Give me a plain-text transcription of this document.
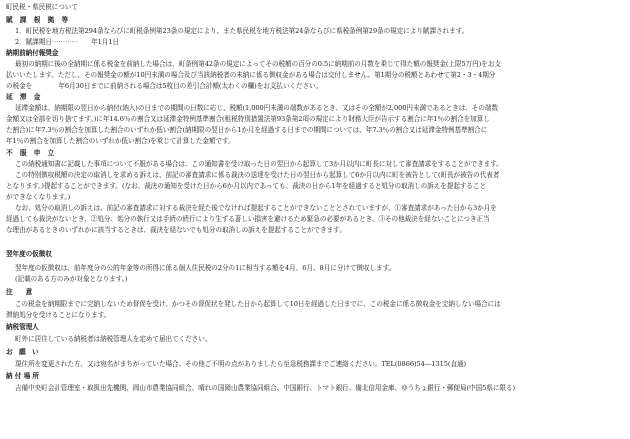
町民税・県民税について
賦 課 根 拠 等
1．町民税を地方税法第294条ならびに町税条例第23条の規定により、また県民税を地方税法第24条ならびに県税条例第29条の規定により賦課されます。
2．賦課期日⋯⋯⋯⋯　　年1月1日
納期前納付報奨金
最初の納期に後の全納期に係る税金を前納した場合は、町条例第42条の規定によってその税額の百分の0.5に納期前の月数を乗じて得た額の報奨金(上限5万円)をお支
払いいたします。ただし、その報奨金の額が10円未満の場合及び当該納税者の未納に係る徴収金がある場合は交付しません。第1期分の税額とあわせて第2・3・4期分
の税金を　　　　年6月30日までに前納される場合は5枚目の差引合計額(太わくの欄)をお支払いください。
延 滞 金
延滞金額は、納期限の翌日から納付(納入)の日までの期間の日数に応じ、税額(1,000円未満の端数があるとき、又はその全額が2,000円未満であるときは、その端数
金額又は全部を切り捨てます。)に年14.6％の割合又は延滞金特例基準割合(租税特別措置法第93条第2項の規定により財務大臣が告示する割合に年1％の割合を加算し
た割合)に年7.3％の割合を加算した割合のいずれか低い割合(納期限の翌日から1か月を経過する日までの期間については、年7.3％の割合又は延滞金特例基準割合に
年1％の割合を加算した割合のいずれか低い割合)を乗じて計算した金額です。
不 服 申 立
この納税通知書に記載した事項について不服がある場合は、この通知書を受け取った日の翌日から起算して3か月以内に町長に対して審査請求をすることができます。
この特別徴収税額の決定の取消しを求める訴えは、前記の審査請求に係る裁決の送達を受けた日の翌日から起算して6か月以内に町を被告として(町長が被告の代表者
となります。)提起することができます。(なお、裁決の通知を受けた日から6か月以内であっても、裁決の日から1年を経過すると処分の取消しの訴えを提起すること
ができなくなります。)
なお、処分の取消しの訴えは、前記の審査請求に対する裁決を経た後でなければ提起することができないこととされていますが、①審査請求があった日から3か月を
経過しても裁決がないとき、②処分、処分の執行又は手続の続行により生ずる著しい損害を避けるため緊急の必要があるとき、③その他裁決を経ないことにつき正当
な理由があるときのいずれかに該当するときは、裁決を経ないでも処分の取消しの訴えを提起することができます。
翌年度の仮徴収
翌年度の仮徴収は、前年度分の公的年金等の所得に係る個人住民税の2分の1に相当する額を4月、6月、8月に分けて徴収します。
(記載のある方のみが対象となります。)
注　　意
この税金を納期限までに完納しないため督促を受け、かつその督促状を発した日から起算して10日を経過した日までに、この税金に係る徴収金を完納しない場合には
滞納処分を受けることになります。
納税管理人
町外に居住している納税者は納税管理人を定めて届出てください。
お　願　い
現住所を変更された方、又は宛名がまちがっていた場合、その他ご不明の点がありましたら至急税務課までご連絡ください。TEL(0866)54―1315(直通)
納 付 場 所
吉備中央町会計管理室・取扱出先機関、岡山市農業協同組合、晴れの国岡山農業協同組合、中国銀行、トマト銀行、備北信用金庫、ゆうちょ銀行・郵便局(中国5県に限る)
